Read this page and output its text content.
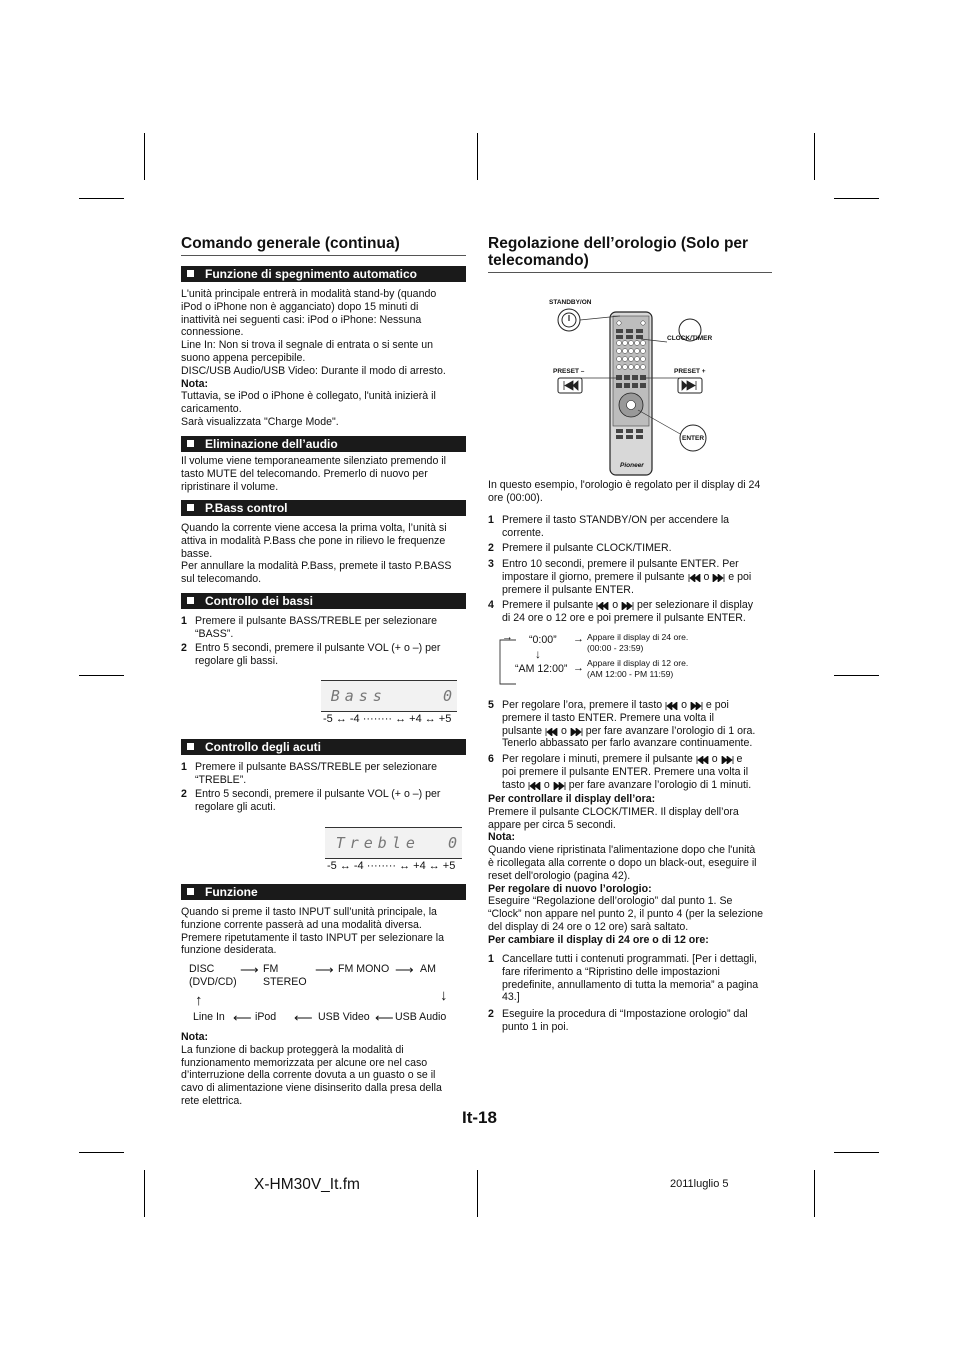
Comando generale (continua)
Funzione di spegnimento automatico

L'unità principale entrerà in modalità stand-by (quando

iPod o iPhone non è agganciato) dopo 15 minuti di

inattività nei seguenti casi: iPod o iPhone: Nessuna

connessione.

Line In: Non si trova il segnale di entrata o si sente un

suono appena percepibile.

DISC/USB Audio/USB Video: Durante il modo di arresto.

Nota:

Tuttavia, se iPod o iPhone è collegato, l'unità inizierà il

caricamento.

Sarà visualizzata "Charge Mode".

Eliminazione dell’audio

Il volume viene temporaneamente silenziato premendo il

tasto MUTE del telecomando. Premerlo di nuovo per

ripristinare il volume.

P.Bass control

Quando la corrente viene accesa la prima volta, l’unità si

attiva in modalità P.Bass che pone in rilievo le frequenze

basse.

Per annullare la modalità P.Bass, premete il tasto P.BASS

sul telecomando.

Controllo dei bassi
1 Premere il pulsante BASS/TREBLE per selezionare
“BASS”.
2 Entro 5 secondi, premere il pulsante VOL (+ o –) per
regolare gli bassi.
Bass    0
-5 ↔ -4 ········ ↔ +4 ↔ +5
Controllo degli acuti
1 Premere il pulsante BASS/TREBLE per selezionare
“TREBLE”.
2 Entro 5 secondi, premere il pulsante VOL (+ o –) per
regolare gli acuti.
Treble  0
-5 ↔ -4 ········ ↔ +4 ↔ +5
Funzione

Quando si preme il tasto INPUT sull’unità principale, la

funzione corrente passerà ad una modalità diversa.

Premere ripetutamente il tasto INPUT per selezionare la

funzione desiderata.

DISC
(DVD/CD)
⟶ FM
STEREO
⟶ FM MONO ⟶ AM
↑	↓
Line In ⟵ iPod ⟵ USB Video ⟵ USB Audio

Nota:

La funzione di backup proteggerà la modalità di

funzionamento memorizzata per alcune ore nel caso

d’interruzione della corrente dovuta a un guasto o se il

cavo di alimentazione viene disinserito dalla presa della

rete elettrica.

Regolazione dell’orologio (Solo per
telecomando)
STANDBY/ON
CLOCK/TIMER
PRESET –	PRESET +
ENTER
Pioneer

In questo esempio, l'orologio è regolato per il display di 24

ore (00:00).

1 Premere il tasto STANDBY/ON per accendere la
corrente.
2 Premere il pulsante CLOCK/TIMER.
3 Entro 10 secondi, premere il pulsante ENTER. Per
impostare il giorno, premere il pulsante o e poi
premere il pulsante ENTER.
4 Premere il pulsante o per selezionare il display
di 24 ore o 12 ore e poi premere il pulsante ENTER.
→ “0:00” → Appare il display di 24 ore.
(00:00 - 23:59)
↓
“AM 12:00” → Appare il display di 12 ore.
(AM 12:00 - PM 11:59)
5 Per regolare l’ora, premere il tasto o e poi
premere il tasto ENTER. Premere una volta il
pulsante o per fare avanzare l’orologio di 1 ora.
Tenerlo abbassato per farlo avanzare continuamente.
6 Per regolare i minuti, premere il pulsante o e
poi premere il pulsante ENTER. Premere una volta il
tasto o per fare avanzare l’orologio di 1 minuti.

Per controllare il display dell’ora:

Premere il pulsante CLOCK/TIMER. Il display dell’ora

appare per circa 5 secondi.

Nota:

Quando viene ripristinata l'alimentazione dopo che l'unità

è ricollegata alla corrente o dopo un black-out, eseguire il

reset dell'orologio (pagina 42).

Per regolare di nuovo l’orologio:

Eseguire “Regolazione dell’orologio” dal punto 1. Se

“Clock” non appare nel punto 2, il punto 4 (per la selezione

del display di 24 ore o 12 ore) sarà saltato.

Per cambiare il display di 24 ore o di 12 ore:

1 Cancellare tutti i contenuti programmati. [Per i dettagli,
fare riferimento a “Ripristino delle impostazioni
predefinite, annullamento di tutta la memoria” a pagina
43.]
2 Eseguire la procedura di “Impostazione orologio” dal
punto 1 in poi.
It-18
X-HM30V_It.fm	2011luglio 5
